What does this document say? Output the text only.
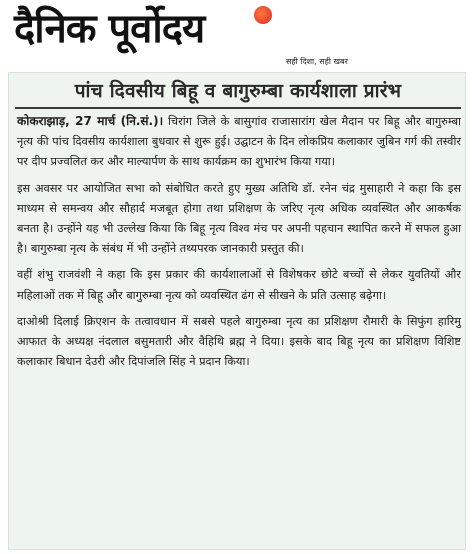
दैनिक पूर्वोदय
सही दिशा, सही खबर
पांच दिवसीय बिहू व बागुरुम्बा कार्यशाला प्रारंभ

कोकराझाड़, 27 मार्च (नि.सं.)। चिरांग जिले के बासुगांव राजासारांग खेल मैदान पर बिहू और बागुरुम्बा नृत्य की पांच दिवसीय कार्यशाला बुधवार से शुरू हुई। उद्घाटन के दिन लोकप्रिय कलाकार जुबिन गर्ग की तस्वीर पर दीप प्रज्वलित कर और माल्यार्पण के साथ कार्यक्रम का शुभारंभ किया गया।

इस अवसर पर आयोजित सभा को संबोधित करते हुए मुख्य अतिथि डॉ. रनेन चंद्र मुसाहारी ने कहा कि इस माध्यम से समन्वय और सौहार्द मजबूत होगा तथा प्रशिक्षण के जरिए नृत्य अधिक व्यवस्थित और आकर्षक बनता है। उन्होंने यह भी उल्लेख किया कि बिहू नृत्य विश्व मंच पर अपनी पहचान स्थापित करने में सफल हुआ है। बागुरुम्बा नृत्य के संबंध में भी उन्होंने तथ्यपरक जानकारी प्रस्तुत की।

वहीं शंभु राजवंशी ने कहा कि इस प्रकार की कार्यशालाओं से विशेषकर छोटे बच्चों से लेकर युवतियों और महिलाओं तक में बिहू और बागुरुम्बा नृत्य को व्यवस्थित ढंग से सीखने के प्रति उत्साह बढ़ेगा।

दाओश्री दिलाई क्रिएशन के तत्वावधान में सबसे पहले बागुरुम्बा नृत्य का प्रशिक्षण रौमारी के सिफुंग हारिमु आफात के अध्यक्ष नंदलाल बसुमतारी और वैहिथि ब्रह्म ने दिया। इसके बाद बिहू नृत्य का प्रशिक्षण विशिष्ट कलाकार बिधान देउरी और दिपांजलि सिंह ने प्रदान किया।
